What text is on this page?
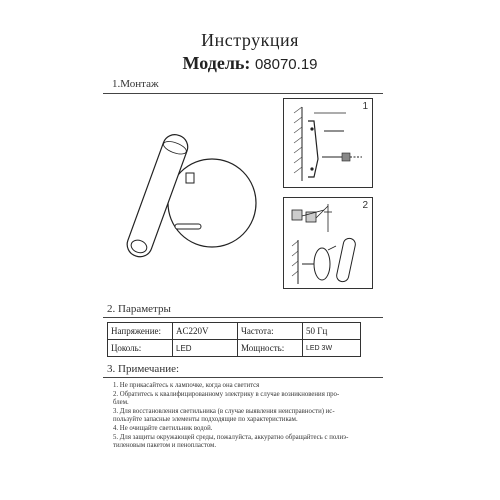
Инструкция
Модель: 08070.19
1.Монтаж
1
2
2. Параметры
Напряжение:	AC220V	Частота:	50 Гц
Цоколь:	LED	Мощность:	LED 3W
3. Примечание:
1. Не прикасайтесь к лампочке, когда она светится
2. Обратитесь к квалифицированному электрику в случае возникновения про-
блем.
3. Для восстановления светильника (в случае выявления неисправности) ис-
пользуйте запасные элементы подходящие по характеристикам.
4. Не очищайте светильник водой.
5. Для защиты окружающей среды, пожалуйста, аккуратно обращайтесь с полиэ-
тиленовым пакетом и пенопластом.
